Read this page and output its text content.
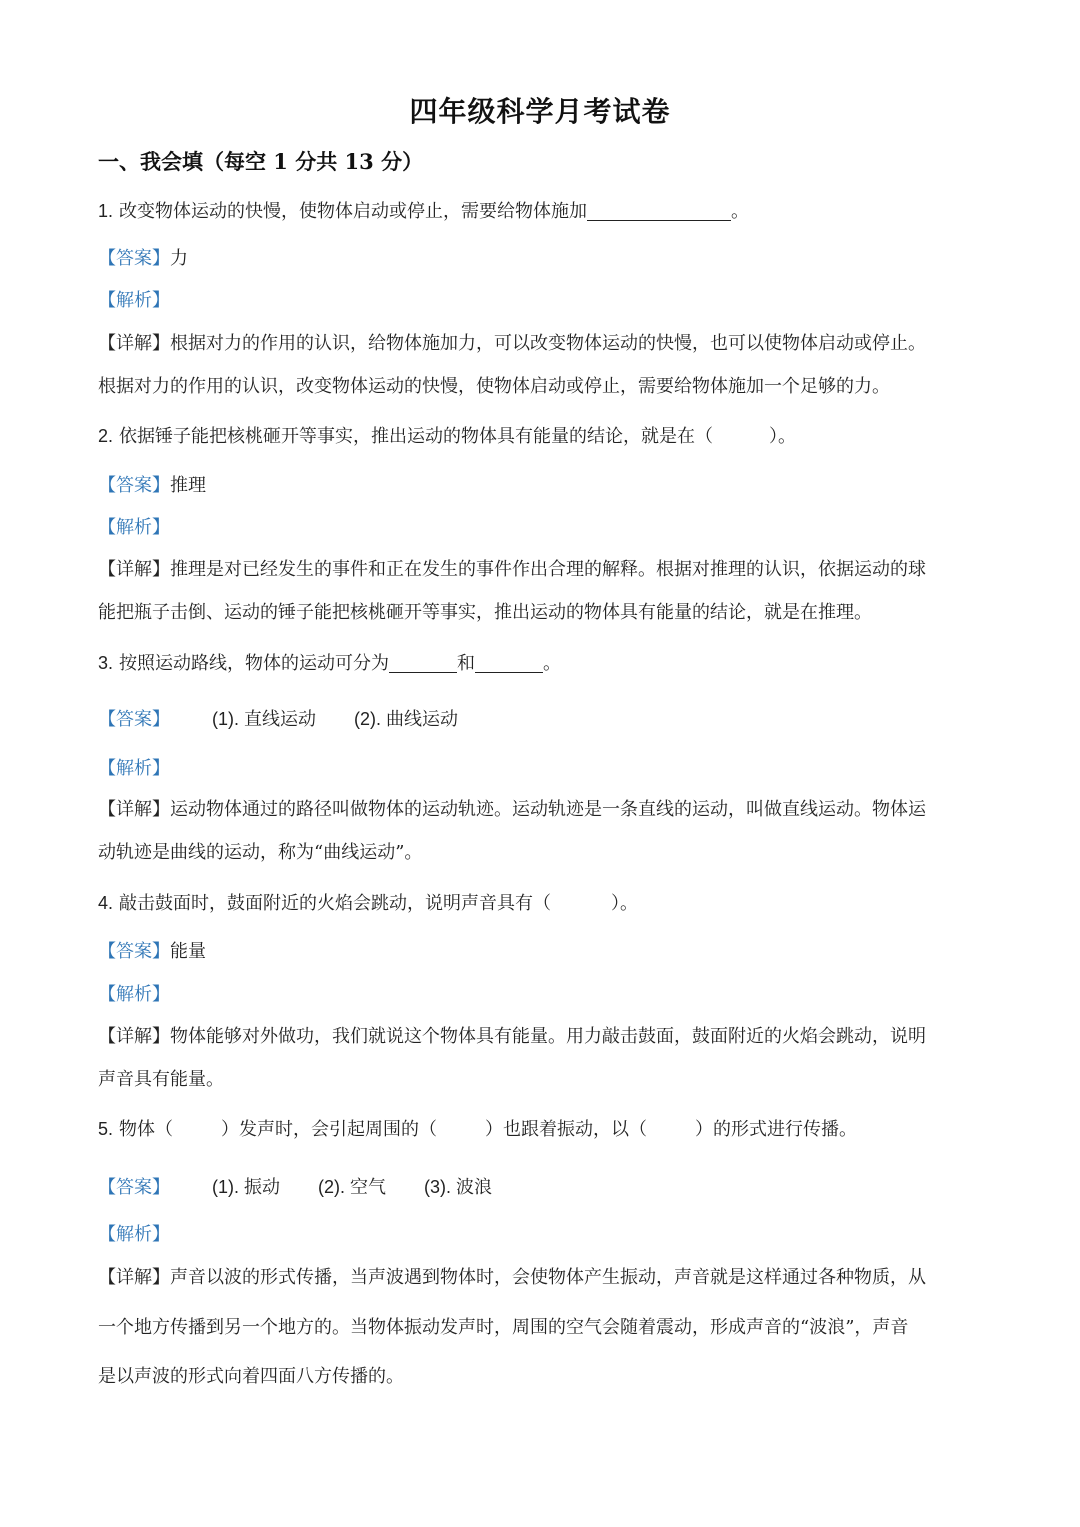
四年级科学月考试卷
一、我会填（每空 1 分共 13 分）
1. 改变物体运动的快慢，使物体启动或停止，需要给物体施加	。
【答案】力
【解析】
【详解】根据对力的作用的认识，给物体施加力，可以改变物体运动的快慢，也可以使物体启动或停止。
根据对力的作用的认识，改变物体运动的快慢，使物体启动或停止，需要给物体施加一个足够的力。
2. 依据锤子能把核桃砸开等事实，推出运动的物体具有能量的结论，就是在（	）。
【答案】推理
【解析】
【详解】推理是对已经发生的事件和正在发生的事件作出合理的解释。根据对推理的认识，依据运动的球
能把瓶子击倒、运动的锤子能把核桃砸开等事实，推出运动的物体具有能量的结论，就是在推理。
3. 按照运动路线，物体的运动可分为	和	。
【答案】 (1). 直线运动 (2). 曲线运动
【解析】
【详解】运动物体通过的路径叫做物体的运动轨迹。运动轨迹是一条直线的运动，叫做直线运动。物体运
动轨迹是曲线的运动，称为“曲线运动”。
4. 敲击鼓面时，鼓面附近的火焰会跳动，说明声音具有（	）。
【答案】能量
【解析】
【详解】物体能够对外做功，我们就说这个物体具有能量。用力敲击鼓面，鼓面附近的火焰会跳动，说明
声音具有能量。
5. 物体（	）发声时，会引起周围的（	）也跟着振动，以（	）的形式进行传播。
【答案】 (1). 振动 (2). 空气 (3). 波浪
【解析】
【详解】声音以波的形式传播，当声波遇到物体时，会使物体产生振动，声音就是这样通过各种物质，从
一个地方传播到另一个地方的。当物体振动发声时，周围的空气会随着震动，形成声音的“波浪”，声音
是以声波的形式向着四面八方传播的。
